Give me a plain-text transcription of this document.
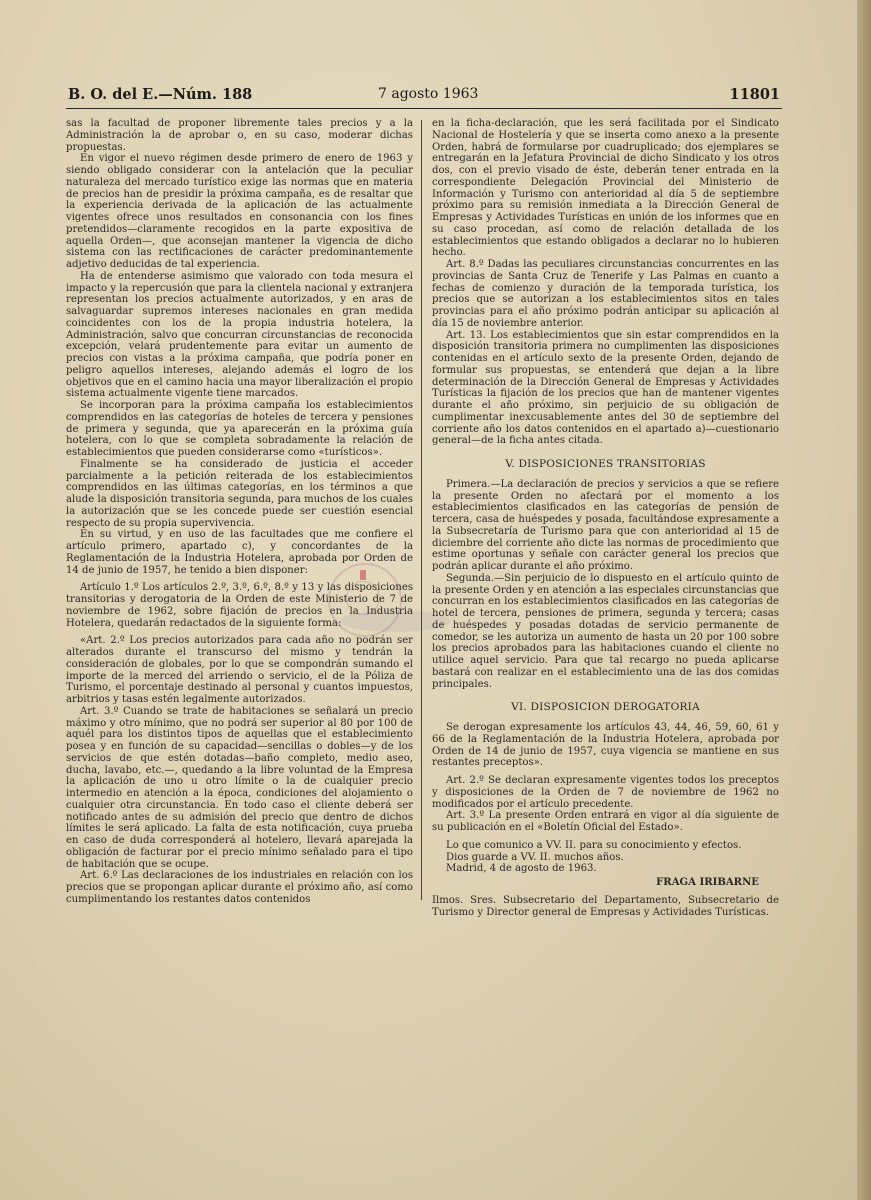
B. O. del E.—Núm. 188	7 agosto 1963	11801

sas la facultad de proponer libremente tales precios y a la Administración la de aprobar o, en su caso, moderar dichas propuestas.

En vigor el nuevo régimen desde primero de enero de 1963 y siendo obligado considerar con la antelación que la peculiar naturaleza del mercado turístico exige las normas que en materia de precios han de presidir la próxima campaña, es de resaltar que la experiencia derivada de la aplicación de las actualmente vigentes ofrece unos resultados en consonancia con los fines pretendidos—claramente recogidos en la parte expositiva de aquella Orden—, que aconsejan mantener la vigencia de dicho sistema con las rectificaciones de carácter predominantemente adjetivo deducidas de tal experiencia.

Ha de entenderse asimismo que valorado con toda mesura el impacto y la repercusión que para la clientela nacional y extranjera representan los precios actualmente autorizados, y en aras de salvaguardar supremos intereses nacionales en gran medida coincidentes con los de la propia industria hotelera, la Administración, salvo que concurran circunstancias de reconocida excepción, velará prudentemente para evitar un aumento de precios con vistas a la próxima campaña, que podría poner en peligro aquellos intereses, alejando además el logro de los objetivos que en el camino hacia una mayor liberalización el propio sistema actualmente vigente tiene marcados.

Se incorporan para la próxima campaña los establecimientos comprendidos en las categorías de hoteles de tercera y pensiones de primera y segunda, que ya aparecerán en la próxima guía hotelera, con lo que se completa sobradamente la relación de establecimientos que pueden considerarse como «turísticos».

Finalmente se ha considerado de justicia el acceder parcialmente a la petición reiterada de los establecimientos comprendidos en las últimas categorías, en los términos a que alude la disposición transitoria segunda, para muchos de los cuales la autorización que se les concede puede ser cuestión esencial respecto de su propia supervivencia.

En su virtud, y en uso de las facultades que me confiere el artículo primero, apartado c), y concordantes de la Reglamentación de la Industria Hotelera, aprobada por Orden de 14 de junio de 1957, he tenido a bien disponer:

Artículo 1.º Los artículos 2.º, 3.º, 6.º, 8.º y 13 y las disposiciones transitorias y derogatoria de la Orden de este Ministerio de 7 de noviembre de 1962, sobre fijación de precios en la Industria Hotelera, quedarán redactados de la siguiente forma:

«Art. 2.º Los precios autorizados para cada año no podrán ser alterados durante el transcurso del mismo y tendrán la consideración de globales, por lo que se compondrán sumando el importe de la merced del arriendo o servicio, el de la Póliza de Turismo, el porcentaje destinado al personal y cuantos impuestos, arbitrios y tasas estén legalmente autorizados.

Art. 3.º Cuando se trate de habitaciones se señalará un precio máximo y otro mínimo, que no podrá ser superior al 80 por 100 de aquél para los distintos tipos de aquellas que el establecimiento posea y en función de su capacidad—sencillas o dobles—y de los servicios de que estén dotadas—baño completo, medio aseo, ducha, lavabo, etc.—, quedando a la libre voluntad de la Empresa la aplicación de uno u otro límite o la de cualquier precio intermedio en atención a la época, condiciones del alojamiento o cualquier otra circunstancia. En todo caso el cliente deberá ser notificado antes de su admisión del precio que dentro de dichos límites le será aplicado. La falta de esta notificación, cuya prueba en caso de duda corresponderá al hotelero, llevará aparejada la obligación de facturar por el precio mínimo señalado para el tipo de habitación que se ocupe.

Art. 6.º Las declaraciones de los industriales en relación con los precios que se propongan aplicar durante el próximo año, así como cumplimentando los restantes datos contenidos

en la ficha-declaración, que les será facilitada por el Sindicato Nacional de Hostelería y que se inserta como anexo a la presente Orden, habrá de formularse por cuadruplicado; dos ejemplares se entregarán en la Jefatura Provincial de dicho Sindicato y los otros dos, con el previo visado de éste, deberán tener entrada en la correspondiente Delegación Provincial del Ministerio de Información y Turismo con anterioridad al día 5 de septiembre próximo para su remisión inmediata a la Dirección General de Empresas y Actividades Turísticas en unión de los informes que en su caso procedan, así como de relación detallada de los establecimientos que estando obligados a declarar no lo hubieren hecho.

Art. 8.º Dadas las peculiares circunstancias concurrentes en las provincias de Santa Cruz de Tenerife y Las Palmas en cuanto a fechas de comienzo y duración de la temporada turística, los precios que se autorizan a los establecimientos sitos en tales provincias para el año próximo podrán anticipar su aplicación al día 15 de noviembre anterior.

Art. 13. Los establecimientos que sin estar comprendidos en la disposición transitoria primera no cumplimenten las disposiciones contenidas en el artículo sexto de la presente Orden, dejando de formular sus propuestas, se entenderá que dejan a la libre determinación de la Dirección General de Empresas y Actividades Turísticas la fijación de los precios que han de mantener vigentes durante el año próximo, sin perjuicio de su obligación de cumplimentar inexcusablemente antes del 30 de septiembre del corriente año los datos contenidos en el apartado a)—cuestionario general—de la ficha antes citada.

V. DISPOSICIONES TRANSITORIAS

Primera.—La declaración de precios y servicios a que se refiere la presente Orden no afectará por el momento a los establecimientos clasificados en las categorías de pensión de tercera, casa de huéspedes y posada, facultándose expresamente a la Subsecretaría de Turismo para que con anterioridad al 15 de diciembre del corriente año dicte las normas de procedimiento que estime oportunas y señale con carácter general los precios que podrán aplicar durante el año próximo.

Segunda.—Sin perjuicio de lo dispuesto en el artículo quinto de la presente Orden y en atención a las especiales circunstancias que concurran en los establecimientos clasificados en las categorías de hotel de tercera, pensiones de primera, segunda y tercera; casas de huéspedes y posadas dotadas de servicio permanente de comedor, se les autoriza un aumento de hasta un 20 por 100 sobre los precios aprobados para las habitaciones cuando el cliente no utilice aquel servicio. Para que tal recargo no pueda aplicarse bastará con realizar en el establecimiento una de las dos comidas principales.

VI. DISPOSICION DEROGATORIA

Se derogan expresamente los artículos 43, 44, 46, 59, 60, 61 y 66 de la Reglamentación de la Industria Hotelera, aprobada por Orden de 14 de junio de 1957, cuya vigencia se mantiene en sus restantes preceptos».

Art. 2.º Se declaran expresamente vigentes todos los preceptos y disposiciones de la Orden de 7 de noviembre de 1962 no modificados por el artículo precedente.

Art. 3.º La presente Orden entrará en vigor al día siguiente de su publicación en el «Boletín Oficial del Estado».

Lo que comunico a VV. II. para su conocimiento y efectos.

Dios guarde a VV. II. muchos años.

Madrid, 4 de agosto de 1963.

FRAGA IRIBARNE

Ilmos. Sres. Subsecretario del Departamento, Subsecretario de Turismo y Director general de Empresas y Actividades Turísticas.
